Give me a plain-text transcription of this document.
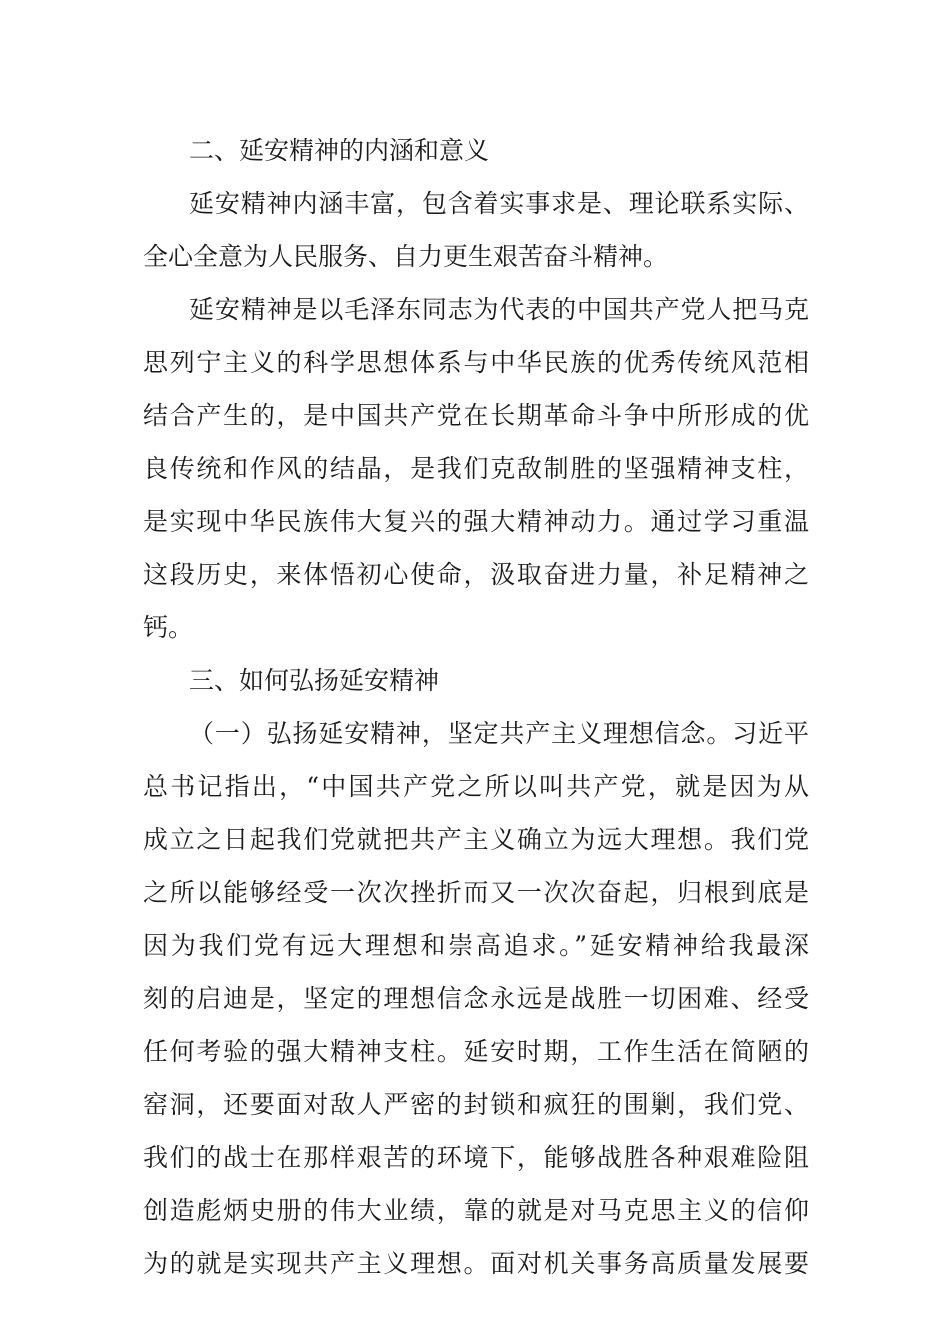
二、延安精神的内涵和意义
延安精神内涵丰富，包含着实事求是、理论联系实际、
全心全意为人民服务、自力更生艰苦奋斗精神。
延安精神是以毛泽东同志为代表的中国共产党人把马克
思列宁主义的科学思想体系与中华民族的优秀传统风范相
结合产生的，是中国共产党在长期革命斗争中所形成的优
良传统和作风的结晶，是我们克敌制胜的坚强精神支柱，
是实现中华民族伟大复兴的强大精神动力。通过学习重温
这段历史，来体悟初心使命，汲取奋进力量，补足精神之
钙。
三、如何弘扬延安精神
（一）弘扬延安精神，坚定共产主义理想信念。习近平
总书记指出，“中国共产党之所以叫共产党，就是因为从
成立之日起我们党就把共产主义确立为远大理想。我们党
之所以能够经受一次次挫折而又一次次奋起，归根到底是
因为我们党有远大理想和崇高追求。”延安精神给我最深
刻的启迪是，坚定的理想信念永远是战胜一切困难、经受
任何考验的强大精神支柱。延安时期，工作生活在简陋的
窑洞，还要面对敌人严密的封锁和疯狂的围剿，我们党、
我们的战士在那样艰苦的环境下，能够战胜各种艰难险阻
创造彪炳史册的伟大业绩，靠的就是对马克思主义的信仰
为的就是实现共产主义理想。面对机关事务高质量发展要
